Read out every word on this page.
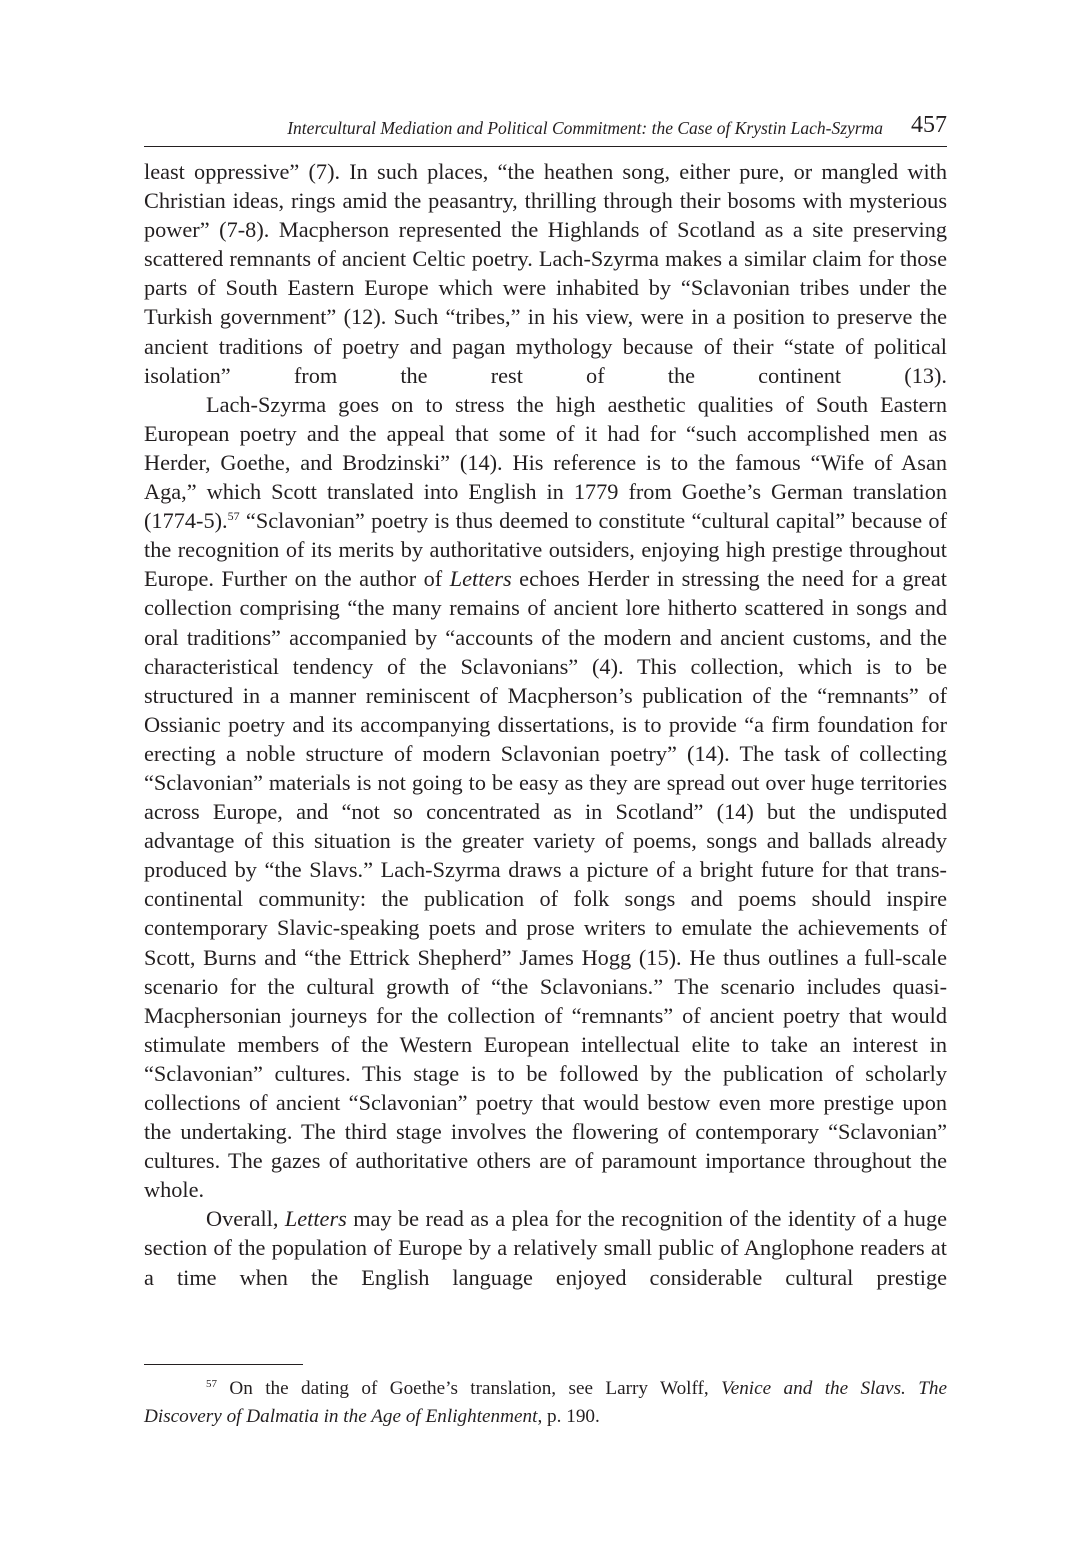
Intercultural Mediation and Political Commitment: the Case of Krystin Lach-Szyrma 457

least oppressive” (7). In such places, “the heathen song, either pure, or mangled with Christian ideas, rings amid the peasantry, thrilling through their bosoms with mysterious power” (7-8). Macpherson represented the Highlands of Scotland as a site preserving scattered remnants of ancient Celtic poetry. Lach-Szyrma makes a similar claim for those parts of South Eastern Europe which were inhabited by “Sclavonian tribes under the Turkish government” (12). Such “tribes,” in his view, were in a position to preserve the ancient traditions of poetry and pagan mythology because of their “state of political isolation” from the rest of the continent (13).

Lach-Szyrma goes on to stress the high aesthetic qualities of South Eastern European poetry and the appeal that some of it had for “such accomplished men as Herder, Goethe, and Brodzinski” (14). His reference is to the famous “Wife of Asan Aga,” which Scott translated into English in 1779 from Goethe’s German translation (1774-5).$^{57}$ “Sclavonian” poetry is thus deemed to constitute “cultural capital” because of the recognition of its merits by authoritative outsiders, enjoying high prestige throughout Europe. Further on the author of Letters echoes Herder in stressing the need for a great collection comprising “the many remains of ancient lore hitherto scattered in songs and oral traditions” accompanied by “accounts of the modern and ancient customs, and the characteristical tendency of the Sclavonians” (4). This collection, which is to be structured in a manner reminiscent of Macpherson’s publication of the “remnants” of Ossianic poetry and its accompanying dissertations, is to provide “a firm foundation for erecting a noble structure of modern Sclavonian poetry” (14). The task of collecting “Sclavonian” materials is not going to be easy as they are spread out over huge territories across Europe, and “not so concentrated as in Scotland” (14) but the undisputed advantage of this situation is the greater variety of poems, songs and ballads already produced by “the Slavs.” Lach-Szyrma draws a picture of a bright future for that trans-continental community: the publication of folk songs and poems should inspire contemporary Slavic-speaking poets and prose writers to emulate the achievements of Scott, Burns and “the Ettrick Shepherd” James Hogg (15). He thus outlines a full-scale scenario for the cultural growth of “the Sclavonians.” The scenario includes quasi-Macphersonian journeys for the collection of “remnants” of ancient poetry that would stimulate members of the Western European intellectual elite to take an interest in “Sclavonian” cultures. This stage is to be followed by the publication of scholarly collections of ancient “Sclavonian” poetry that would bestow even more prestige upon the undertaking. The third stage involves the flowering of contemporary “Sclavonian” cultures. The gazes of authoritative others are of paramount importance throughout the whole.

Overall, Letters may be read as a plea for the recognition of the identity of a huge section of the population of Europe by a relatively small public of Anglophone readers at a time when the English language enjoyed considerable cultural prestige

$^{57}$ On the dating of Goethe’s translation, see Larry Wolff, Venice and the Slavs. The
Discovery of Dalmatia in the Age of Enlightenment, p. 190.
